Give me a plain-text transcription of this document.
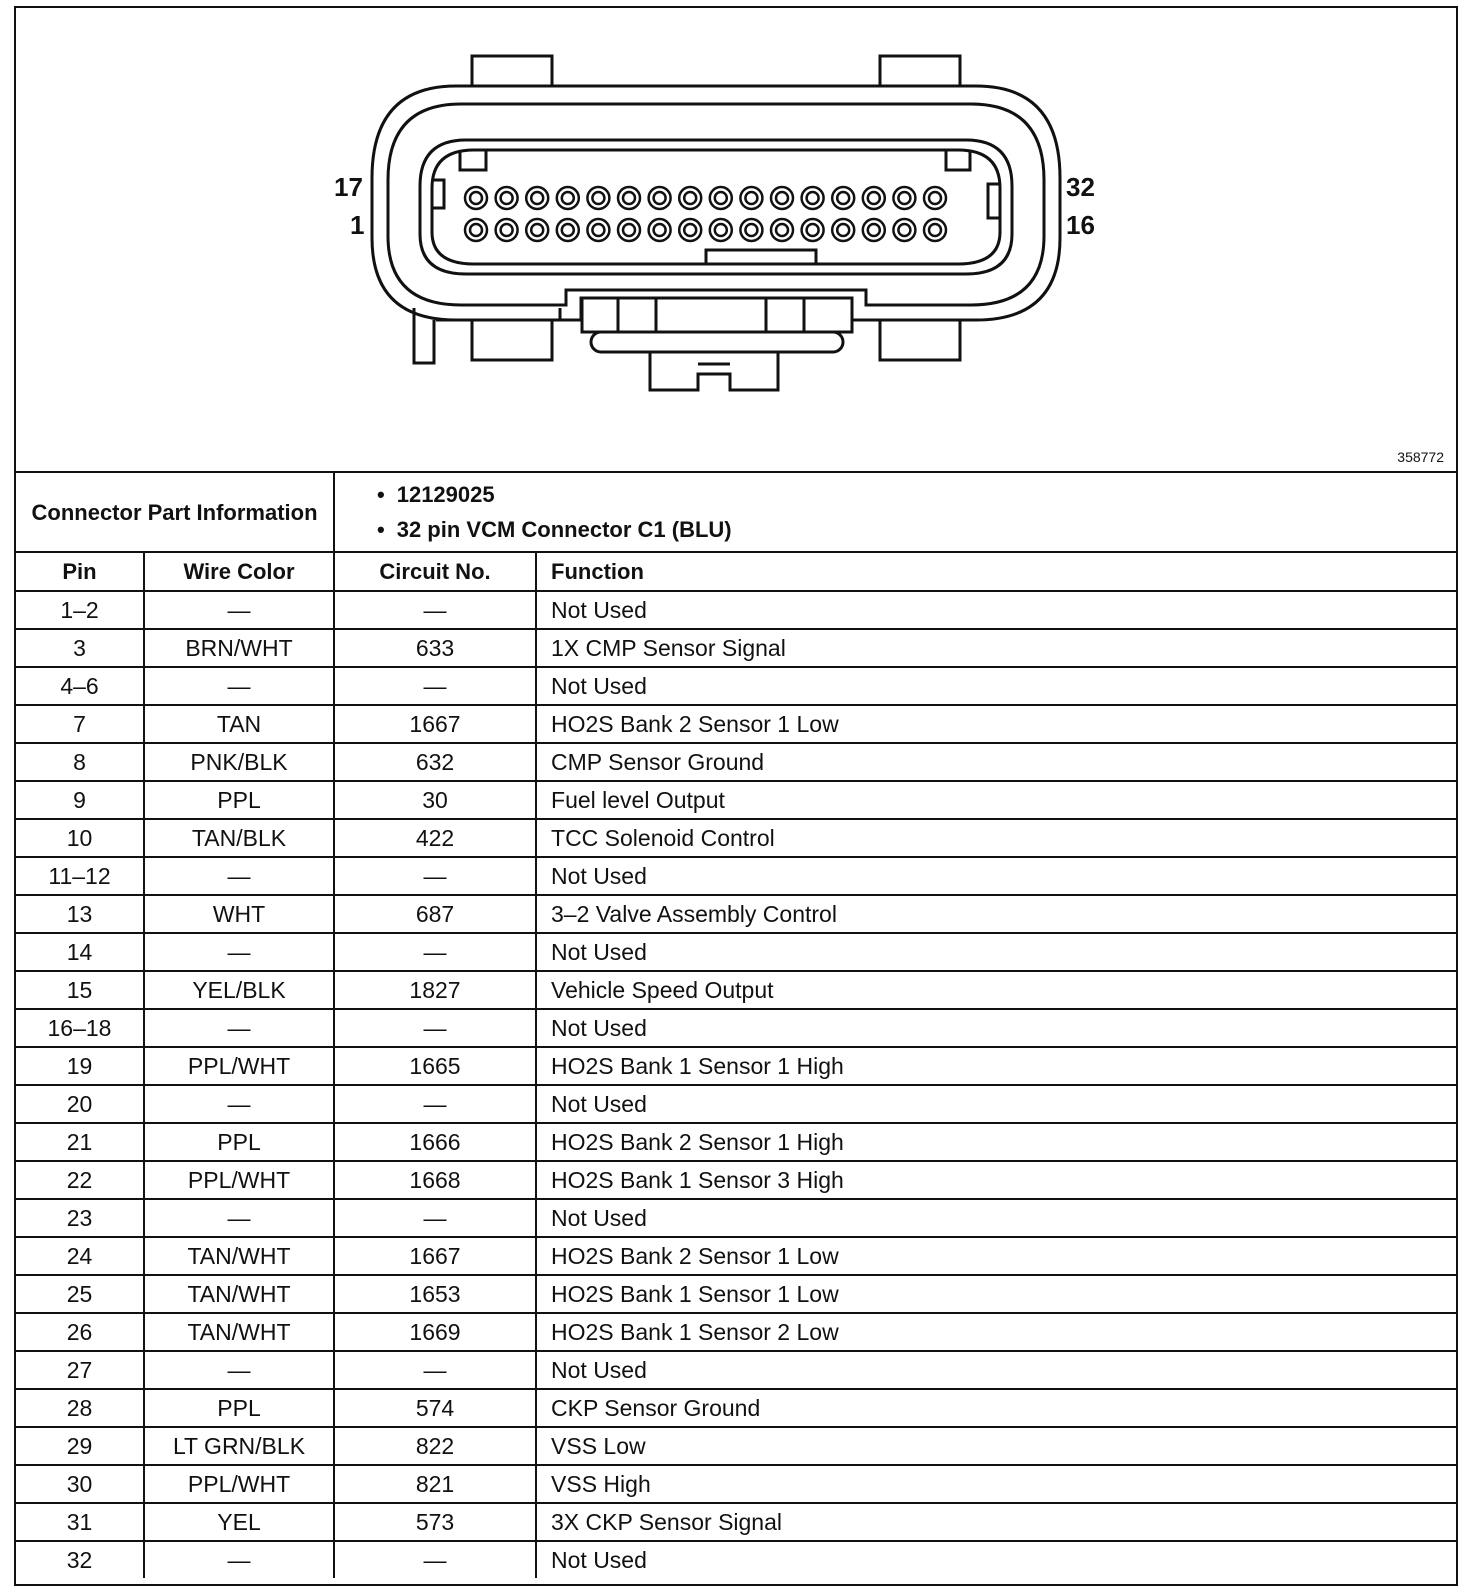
17
1
32
16
358772
Connector Part Information		• 12129025
• 32 pin VCM Connector C1 (BLU)

Pin	Wire Color	Circuit No.	Function
1–2	—	—	Not Used
3	BRN/WHT	633	1X CMP Sensor Signal
4–6	—	—	Not Used
7	TAN	1667	HO2S Bank 2 Sensor 1 Low
8	PNK/BLK	632	CMP Sensor Ground
9	PPL	30	Fuel level Output
10	TAN/BLK	422	TCC Solenoid Control
11–12	—	—	Not Used
13	WHT	687	3–2 Valve Assembly Control
14	—	—	Not Used
15	YEL/BLK	1827	Vehicle Speed Output
16–18	—	—	Not Used
19	PPL/WHT	1665	HO2S Bank 1 Sensor 1 High
20	—	—	Not Used
21	PPL	1666	HO2S Bank 2 Sensor 1 High
22	PPL/WHT	1668	HO2S Bank 1 Sensor 3 High
23	—	—	Not Used
24	TAN/WHT	1667	HO2S Bank 2 Sensor 1 Low
25	TAN/WHT	1653	HO2S Bank 1 Sensor 1 Low
26	TAN/WHT	1669	HO2S Bank 1 Sensor 2 Low
27	—	—	Not Used
28	PPL	574	CKP Sensor Ground
29	LT GRN/BLK	822	VSS Low
30	PPL/WHT	821	VSS High
31	YEL	573	3X CKP Sensor Signal
32	—	—	Not Used
